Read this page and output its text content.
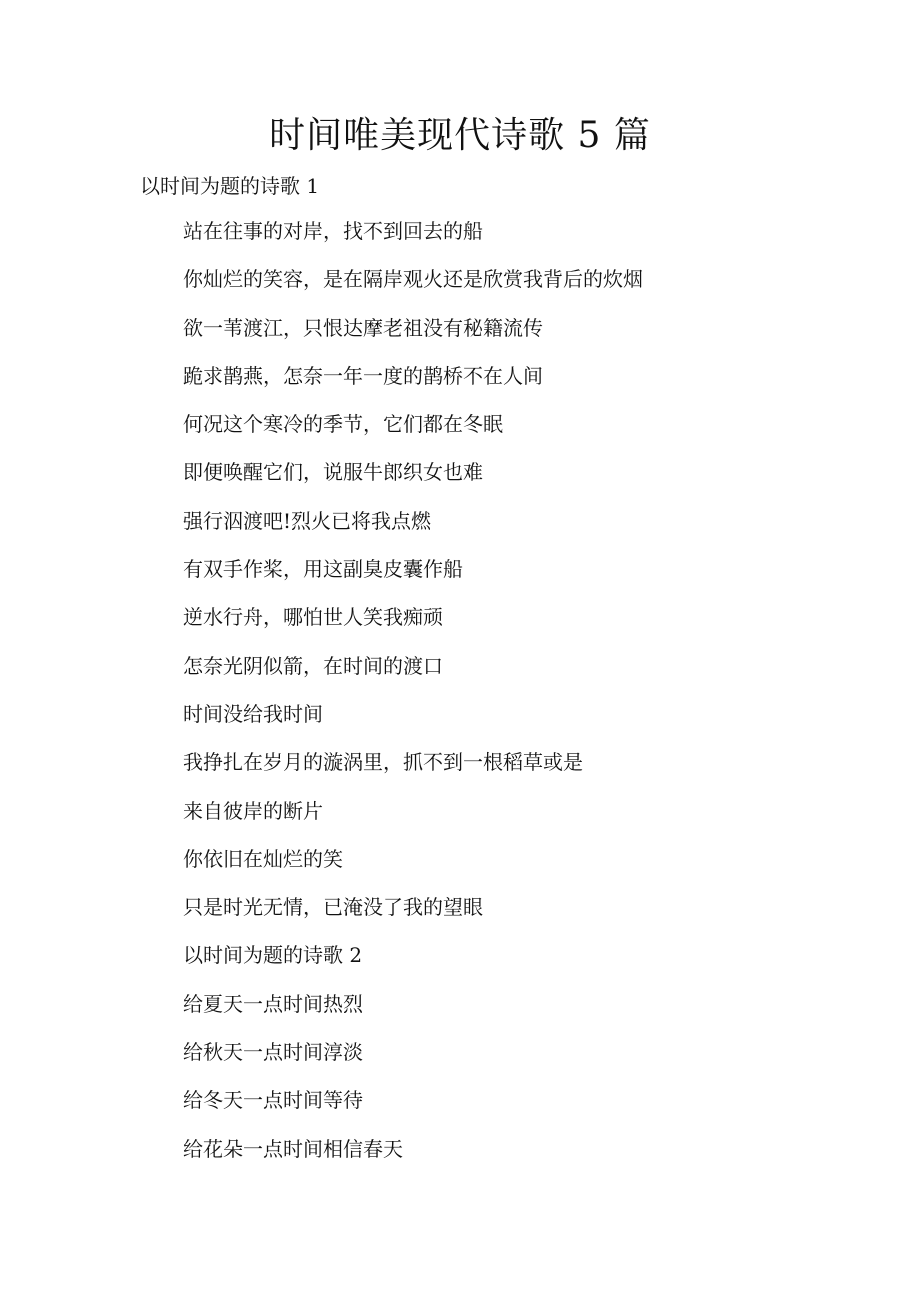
时间唯美现代诗歌 5 篇
以时间为题的诗歌 1
站在往事的对岸，找不到回去的船
你灿烂的笑容，是在隔岸观火还是欣赏我背后的炊烟
欲一苇渡江，只恨达摩老祖没有秘籍流传
跪求鹊燕，怎奈一年一度的鹊桥不在人间
何况这个寒冷的季节，它们都在冬眠
即便唤醒它们，说服牛郎织女也难
强行泅渡吧!烈火已将我点燃
有双手作桨，用这副臭皮囊作船
逆水行舟，哪怕世人笑我痴顽
怎奈光阴似箭，在时间的渡口
时间没给我时间
我挣扎在岁月的漩涡里，抓不到一根稻草或是
来自彼岸的断片
你依旧在灿烂的笑
只是时光无情，已淹没了我的望眼
以时间为题的诗歌 2
给夏天一点时间热烈
给秋天一点时间淳淡
给冬天一点时间等待
给花朵一点时间相信春天
